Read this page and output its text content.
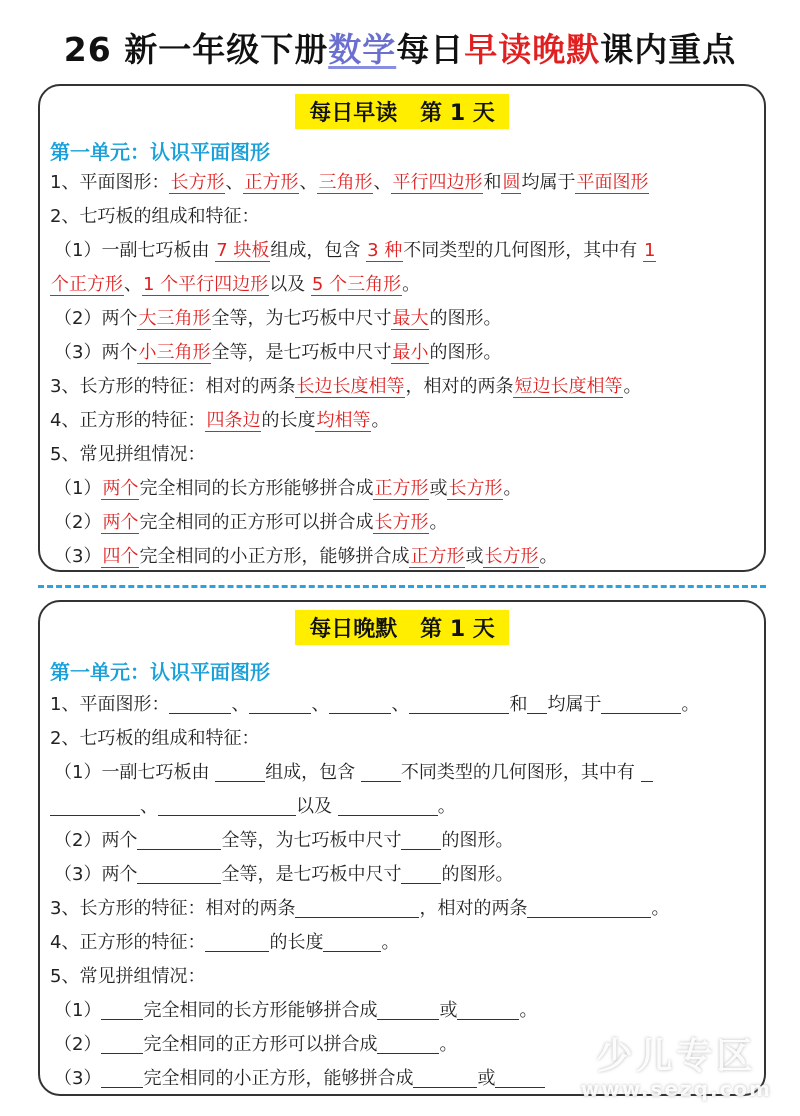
26 新一年级下册数学每日早读晚默课内重点
每日早读   第 1 天
第一单元：认识平面图形
1、平面图形：长方形、正方形、三角形、平行四边形和圆均属于平面图形
2、七巧板的组成和特征：
（1）一副七巧板由 7 块板组成，包含 3 种不同类型的几何图形，其中有 1
个正方形、1 个平行四边形以及 5 个三角形。
（2）两个大三角形全等，为七巧板中尺寸最大的图形。
（3）两个小三角形全等，是七巧板中尺寸最小的图形。
3、长方形的特征：相对的两条长边长度相等，相对的两条短边长度相等。
4、正方形的特征：四条边的长度均相等。
5、常见拼组情况：
（1）两个完全相同的长方形能够拼合成正方形或长方形。
（2）两个完全相同的正方形可以拼合成长方形。
（3）四个完全相同的小正方形，能够拼合成正方形或长方形。
每日晚默   第 1 天
第一单元：认识平面图形
1、平面图形：	、	、	、	和 均属于	。
2、七巧板的组成和特征：
（1）一副七巧板由	组成，包含 不同类型的几何图形，其中有
、	以及	。
（2）两个	全等，为七巧板中尺寸 的图形。
（3）两个	全等，是七巧板中尺寸 的图形。
3、长方形的特征：相对的两条	，相对的两条	。
4、正方形的特征：	的长度	。
5、常见拼组情况：
（1） 完全相同的长方形能够拼合成	或	。
（2） 完全相同的正方形可以拼合成	。
（3） 完全相同的小正方形，能够拼合成	或
少儿专区
www.sezq.com
